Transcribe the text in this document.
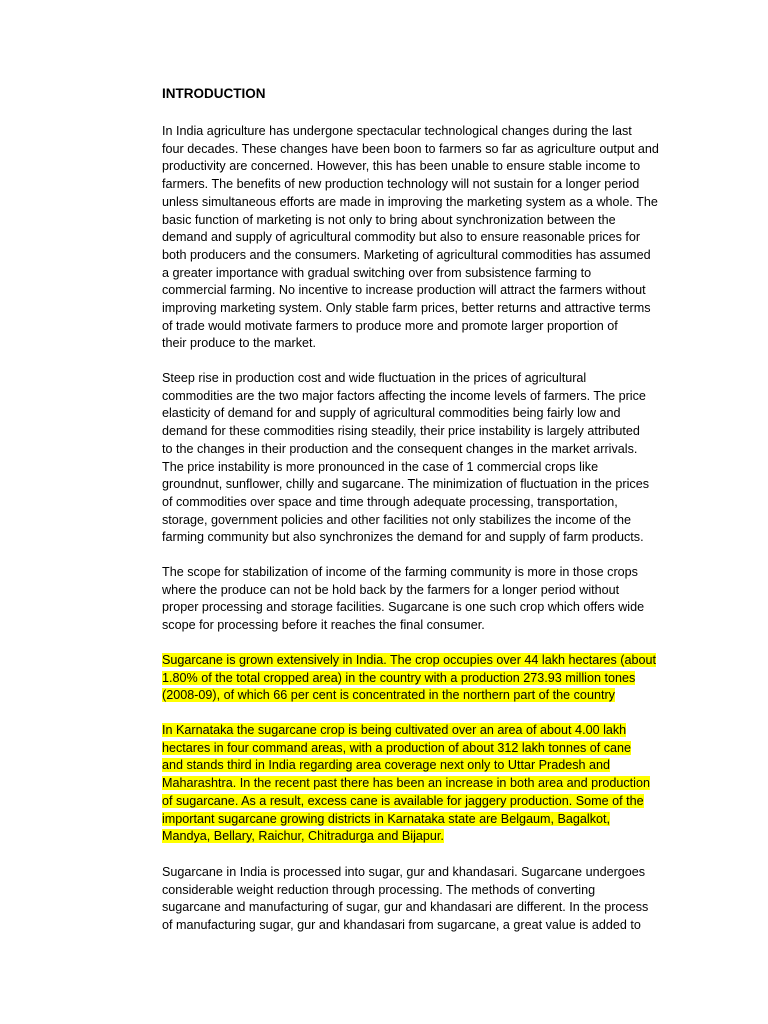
INTRODUCTION
In India agriculture has undergone spectacular technological changes during the last
four decades. These changes have been boon to farmers so far as agriculture output and
productivity are concerned. However, this has been unable to ensure stable income to
farmers. The benefits of new production technology will not sustain for a longer period
unless simultaneous efforts are made in improving the marketing system as a whole. The
basic function of marketing is not only to bring about synchronization between the
demand and supply of agricultural commodity but also to ensure reasonable prices for
both producers and the consumers. Marketing of agricultural commodities has assumed
a greater importance with gradual switching over from subsistence farming to
commercial farming. No incentive to increase production will attract the farmers without
improving marketing system. Only stable farm prices, better returns and attractive terms
of trade would motivate farmers to produce more and promote larger proportion of
their produce to the market.
Steep rise in production cost and wide fluctuation in the prices of agricultural
commodities are the two major factors affecting the income levels of farmers. The price
elasticity of demand for and supply of agricultural commodities being fairly low and
demand for these commodities rising steadily, their price instability is largely attributed
to the changes in their production and the consequent changes in the market arrivals.
The price instability is more pronounced in the case of 1 commercial crops like
groundnut, sunflower, chilly and sugarcane. The minimization of fluctuation in the prices
of commodities over space and time through adequate processing, transportation,
storage, government policies and other facilities not only stabilizes the income of the
farming community but also synchronizes the demand for and supply of farm products.
The scope for stabilization of income of the farming community is more in those crops
where the produce can not be hold back by the farmers for a longer period without
proper processing and storage facilities. Sugarcane is one such crop which offers wide
scope for processing before it reaches the final consumer.
Sugarcane is grown extensively in India. The crop occupies over 44 lakh hectares (about
1.80% of the total cropped area) in the country with a production 273.93 million tones
(2008-09), of which 66 per cent is concentrated in the northern part of the country
In Karnataka the sugarcane crop is being cultivated over an area of about 4.00 lakh
hectares in four command areas, with a production of about 312 lakh tonnes of cane
and stands third in India regarding area coverage next only to Uttar Pradesh and
Maharashtra. In the recent past there has been an increase in both area and production
of sugarcane. As a result, excess cane is available for jaggery production. Some of the
important sugarcane growing districts in Karnataka state are Belgaum, Bagalkot,
Mandya, Bellary, Raichur, Chitradurga and Bijapur.
Sugarcane in India is processed into sugar, gur and khandasari. Sugarcane undergoes
considerable weight reduction through processing. The methods of converting
sugarcane and manufacturing of sugar, gur and khandasari are different. In the process
of manufacturing sugar, gur and khandasari from sugarcane, a great value is added to
